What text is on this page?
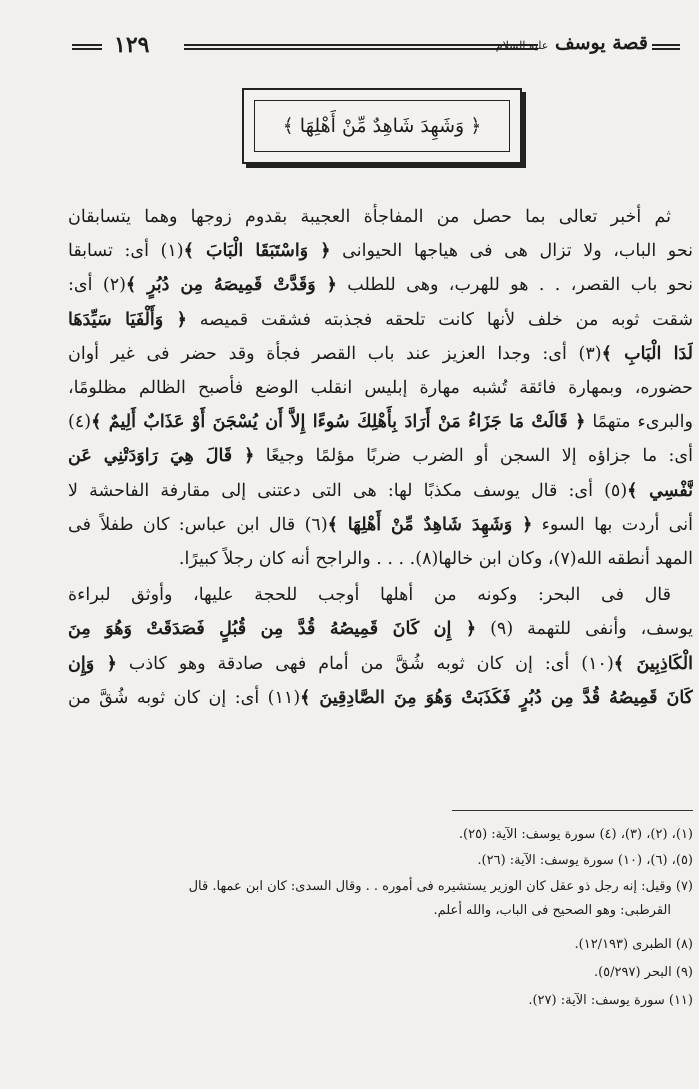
١٢٩	قصة يوسف عليه السلام
﴿ وَشَهِدَ شَاهِدٌ مِّنْ أَهْلِهَا ﴾
ثم أخبر تعالى بما حصل من المفاجأة العجيبة بقدوم زوجها وهما يتسابقان
نحو الباب، ولا تزال هى فى هياجها الحيوانى ﴿ وَاسْتَبَقَا الْبَابَ ﴾(١) أى: تسابقا
نحو باب القصر، . . هو للهرب، وهى للطلب ﴿ وَقَدَّتْ قَمِيصَهُ مِن دُبُرٍ ﴾(٢) أى:
شقت ثوبه من خلف لأنها كانت تلحقه فجذبته فشقت قميصه ﴿ وَأَلْفَيَا سَيِّدَهَا
لَدَا الْبَابِ ﴾(٣) أى: وجدا العزيز عند باب القصر فجأة وقد حضر فى غير أوان
حضوره، وبمهارة فائقة تُشبه مهارة إبليس انقلب الوضع فأصبح الظالم مظلومًا،
والبرىء متهمًا ﴿ قَالَتْ مَا جَزَاءُ مَنْ أَرَادَ بِأَهْلِكَ سُوءًا إِلاَّ أَن يُسْجَنَ أَوْ عَذَابٌ أَلِيمٌ ﴾(٤)
أى: ما جزاؤه إلا السجن أو الضرب ضربًا مؤلمًا وجيعًا ﴿ قَالَ هِيَ رَاوَدَتْنِي عَن
نَّفْسِي ﴾(٥) أى: قال يوسف مكذبًا لها: هى التى دعتنى إلى مقارفة الفاحشة لا
أنى أردت بها السوء ﴿ وَشَهِدَ شَاهِدٌ مِّنْ أَهْلِهَا ﴾(٦) قال ابن عباس: كان طفلاً فى
المهد أنطقه الله(٧)، وكان ابن خالها(٨). . . . والراجح أنه كان رجلاً كبيرًا.
قال فى البحر: وكونه من أهلها أوجب للحجة عليها، وأوثق لبراءة
يوسف، وأنفى للتهمة (٩) ﴿ إِن كَانَ قَمِيصُهُ قُدَّ مِن قُبُلٍ فَصَدَقَتْ وَهُوَ مِنَ
الْكَاذِبِينَ ﴾(١٠) أى: إن كان ثوبه شُقَّ من أمام فهى صادقة وهو كاذب ﴿ وَإِن
كَانَ قَمِيصُهُ قُدَّ مِن دُبُرٍ فَكَذَبَتْ وَهُوَ مِنَ الصَّادِقِينَ ﴾(١١) أى: إن كان ثوبه شُقَّ من
(١)، (٢)، (٣)، (٤) سورة يوسف: الآية: (٢٥).
(٥)، (٦)، (١٠) سورة يوسف: الآية: (٢٦).
(٧) وقيل: إنه رجل ذو عقل كان الوزير يستشيره فى أموره . . وقال السدى: كان ابن عمها. قال
القرطبى: وهو الصحيح فى الباب، والله أعلم.
(٨) الطبرى (١٢/١٩٣).
(٩) البحر (٥/٢٩٧).
(١١) سورة يوسف: الآية: (٢٧).
